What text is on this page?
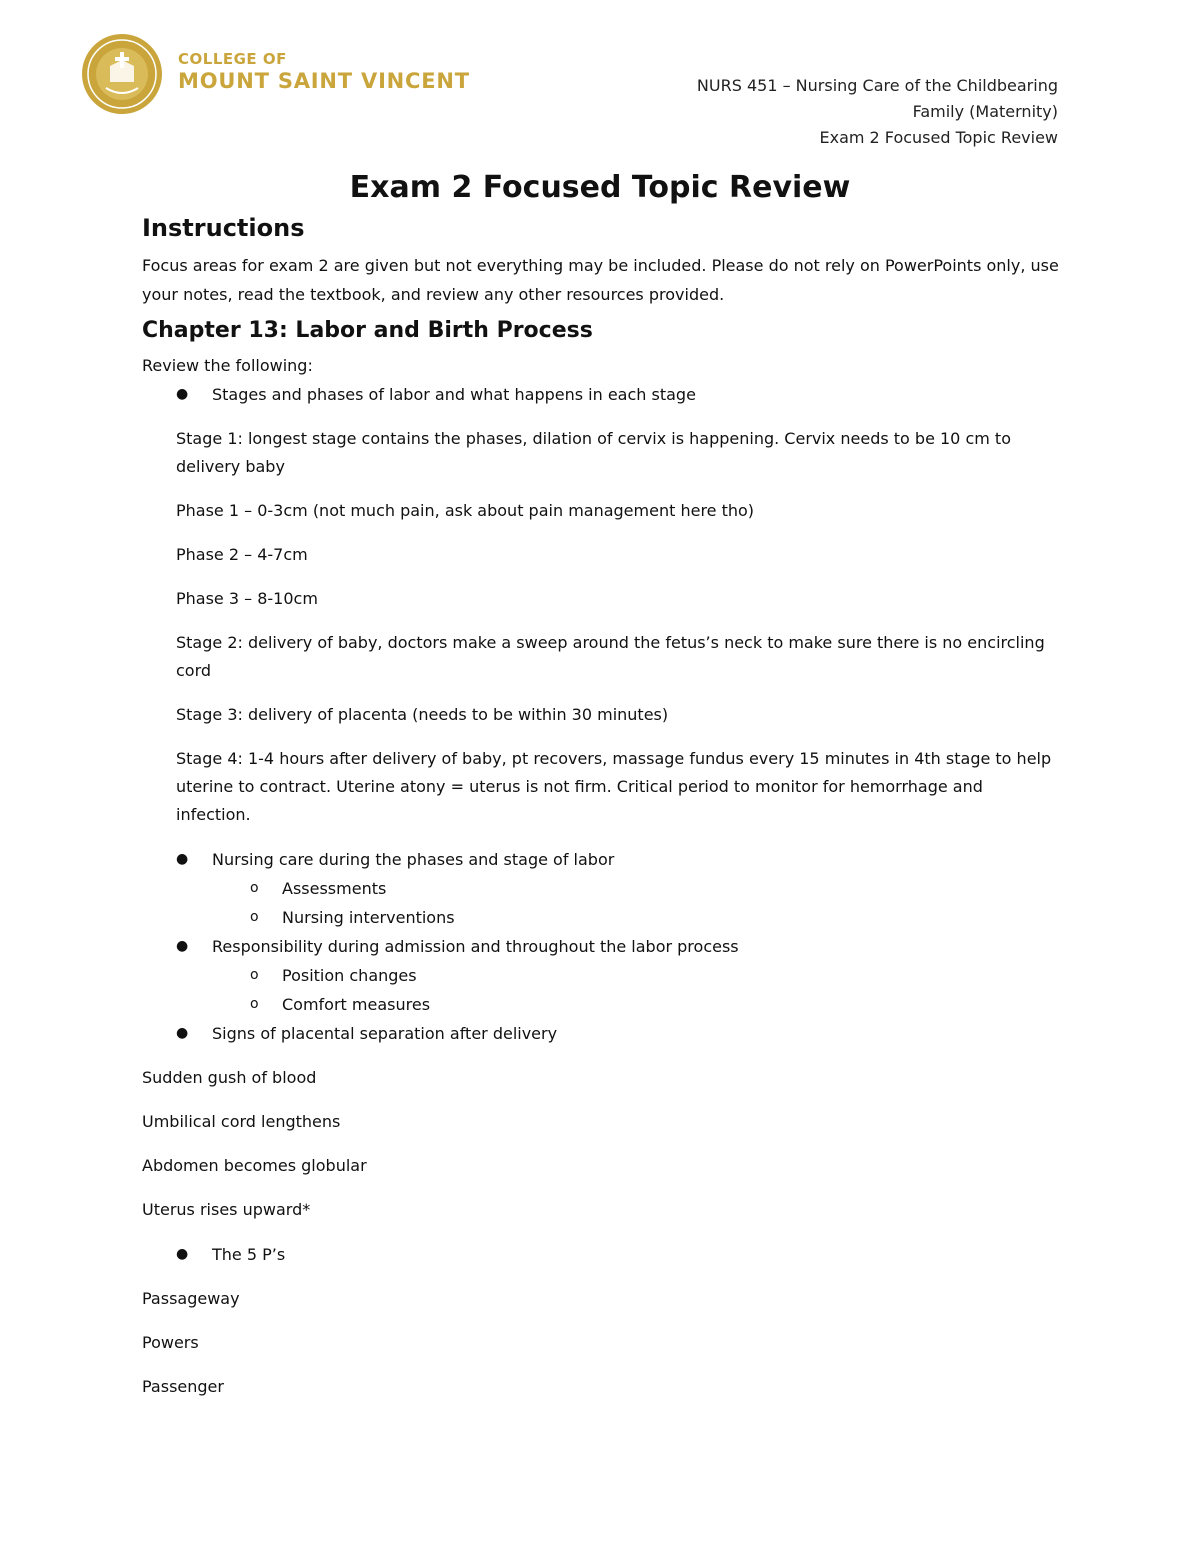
COLLEGE OF
MOUNT SAINT VINCENT	NURS 451 – Nursing Care of the Childbearing
Family (Maternity)
Exam 2 Focused Topic Review
Exam 2 Focused Topic Review
Instructions

Focus areas for exam 2 are given but not everything may be included. Please do not rely on PowerPoints only, use your notes, read the textbook, and review any other resources provided.

Chapter 13: Labor and Birth Process

Review the following:

● Stages and phases of labor and what happens in each stage

Stage 1: longest stage contains the phases, dilation of cervix is happening. Cervix needs to be 10 cm to delivery baby

Phase 1 – 0-3cm (not much pain, ask about pain management here tho)

Phase 2 – 4-7cm

Phase 3 – 8-10cm

Stage 2: delivery of baby, doctors make a sweep around the fetus’s neck to make sure there is no encircling cord

Stage 3: delivery of placenta (needs to be within 30 minutes)

Stage 4: 1-4 hours after delivery of baby, pt recovers, massage fundus every 15 minutes in 4th stage to help uterine to contract. Uterine atony = uterus is not firm. Critical period to monitor for hemorrhage and infection.

● Nursing care during the phases and stage of labor

o Assessments

o Nursing interventions

● Responsibility during admission and throughout the labor process

o Position changes

o Comfort measures

● Signs of placental separation after delivery

Sudden gush of blood

Umbilical cord lengthens

Abdomen becomes globular

Uterus rises upward*

● The 5 P’s

Passageway

Powers

Passenger
